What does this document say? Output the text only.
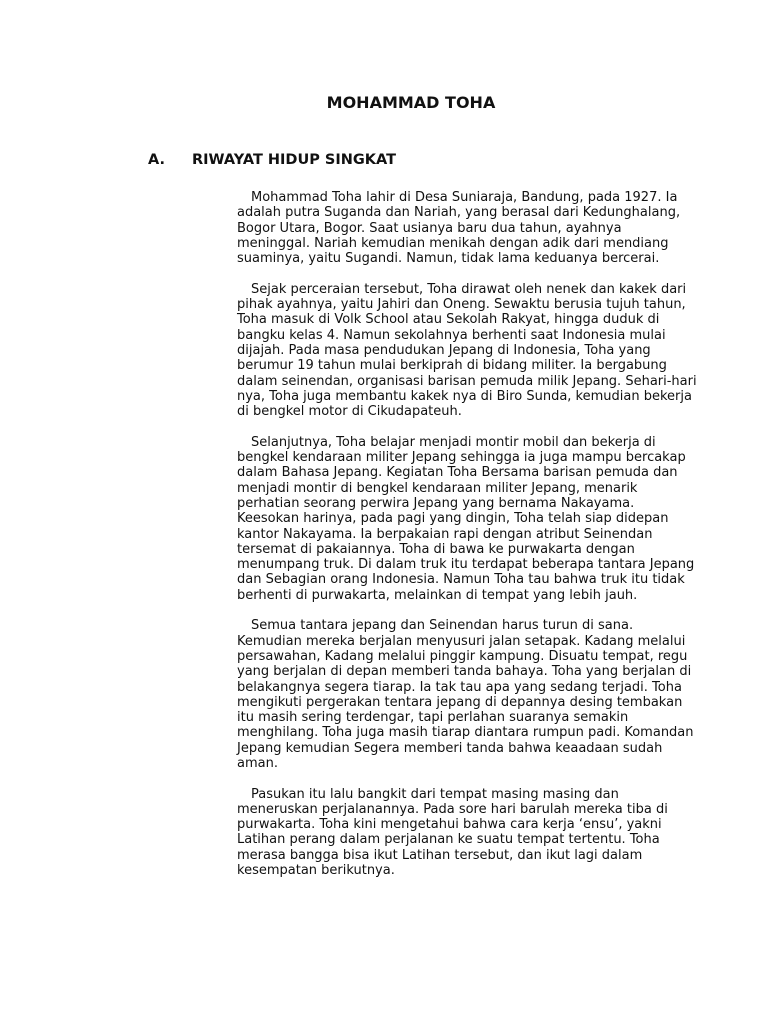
MOHAMMAD TOHA
A. RIWAYAT HIDUP SINGKAT

Mohammad Toha lahir di Desa Suniaraja, Bandung, pada 1927. Ia adalah putra Suganda dan Nariah, yang berasal dari Kedunghalang, Bogor Utara, Bogor. Saat usianya baru dua tahun, ayahnya meninggal. Nariah kemudian menikah dengan adik dari mendiang suaminya, yaitu Sugandi. Namun, tidak lama keduanya bercerai.

Sejak perceraian tersebut, Toha dirawat oleh nenek dan kakek dari pihak ayahnya, yaitu Jahiri dan Oneng. Sewaktu berusia tujuh tahun, Toha masuk di Volk School atau Sekolah Rakyat, hingga duduk di bangku kelas 4. Namun sekolahnya berhenti saat Indonesia mulai dijajah. Pada masa pendudukan Jepang di Indonesia, Toha yang berumur 19 tahun mulai berkiprah di bidang militer. Ia bergabung dalam seinendan, organisasi barisan pemuda milik Jepang. Sehari-hari nya, Toha juga membantu kakek nya di Biro Sunda, kemudian bekerja di bengkel motor di Cikudapateuh.

Selanjutnya, Toha belajar menjadi montir mobil dan bekerja di bengkel kendaraan militer Jepang sehingga ia juga mampu bercakap dalam Bahasa Jepang. Kegiatan Toha Bersama barisan pemuda dan menjadi montir di bengkel kendaraan militer Jepang, menarik perhatian seorang perwira Jepang yang bernama Nakayama. Keesokan harinya, pada pagi yang dingin, Toha telah siap didepan kantor Nakayama. Ia berpakaian rapi dengan atribut Seinendan tersemat di pakaiannya. Toha di bawa ke purwakarta dengan menumpang truk. Di dalam truk itu terdapat beberapa tantara Jepang dan Sebagian orang Indonesia. Namun Toha tau bahwa truk itu tidak berhenti di purwakarta, melainkan di tempat yang lebih jauh.

Semua tantara jepang dan Seinendan harus turun di sana. Kemudian mereka berjalan menyusuri jalan setapak. Kadang melalui persawahan, Kadang melalui pinggir kampung. Disuatu tempat, regu yang berjalan di depan memberi tanda bahaya. Toha yang berjalan di belakangnya segera tiarap. Ia tak tau apa yang sedang terjadi. Toha mengikuti pergerakan tentara jepang di depannya desing tembakan itu masih sering terdengar, tapi perlahan suaranya semakin menghilang. Toha juga masih tiarap diantara rumpun padi. Komandan Jepang kemudian Segera memberi tanda bahwa keaadaan sudah aman.

Pasukan itu lalu bangkit dari tempat masing masing dan meneruskan perjalanannya. Pada sore hari barulah mereka tiba di purwakarta. Toha kini mengetahui bahwa cara kerja ‘ensu’, yakni Latihan perang dalam perjalanan ke suatu tempat tertentu. Toha merasa bangga bisa ikut Latihan tersebut, dan ikut lagi dalam kesempatan berikutnya.
